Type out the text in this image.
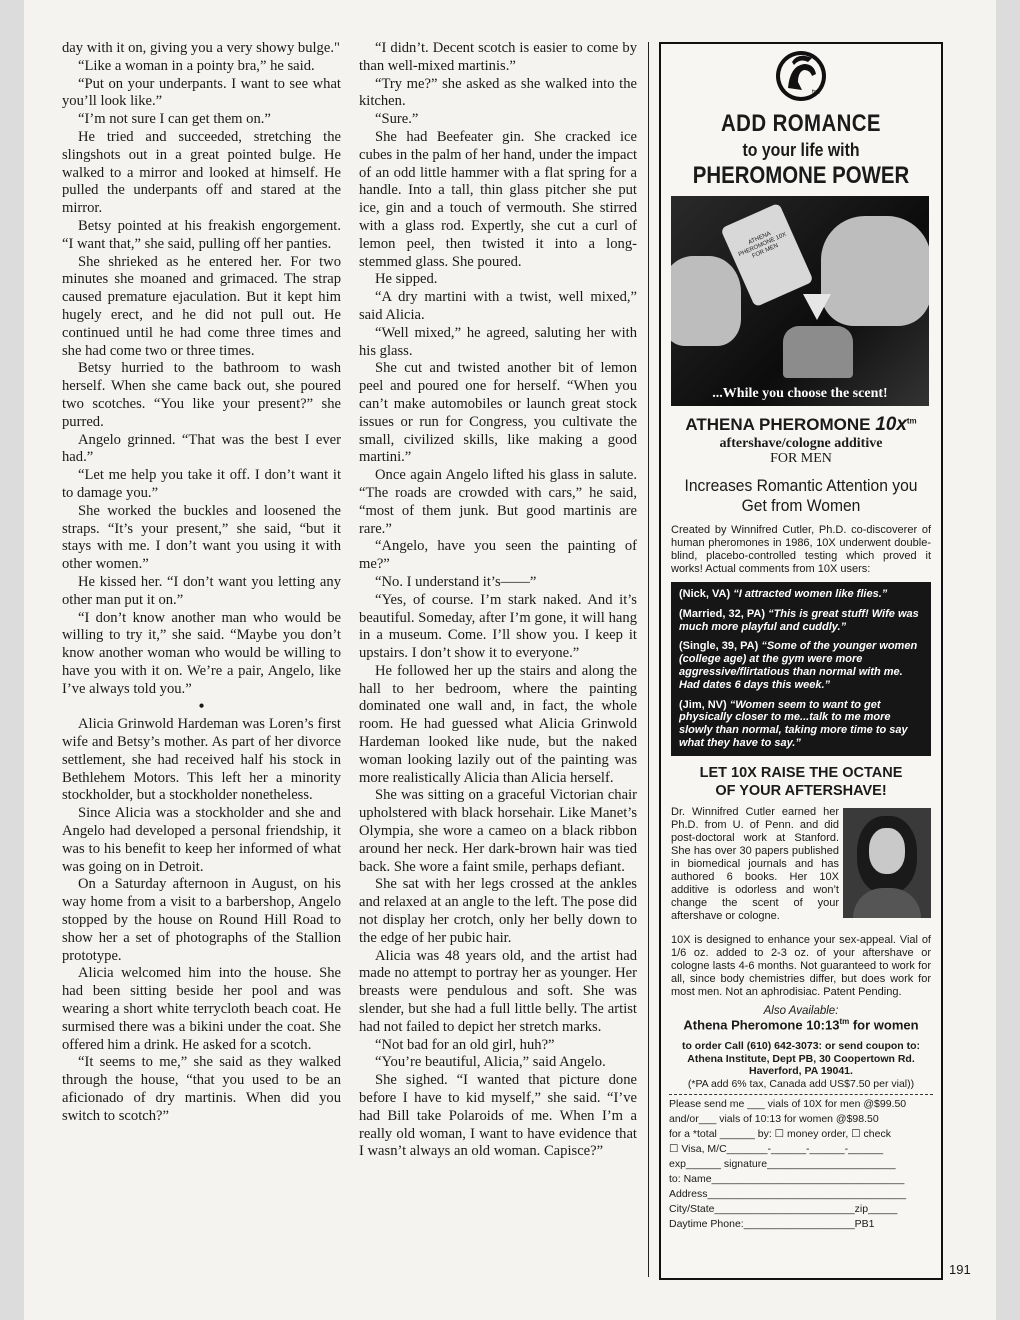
day with it on, giving you a very showy bulge."

“Like a woman in a pointy bra,” he said.

“Put on your underpants. I want to see what you’ll look like.”

“I’m not sure I can get them on.”

He tried and succeeded, stretching the slingshots out in a great pointed bulge. He walked to a mirror and looked at himself. He pulled the underpants off and stared at the mirror.

Betsy pointed at his freakish engorgement. “I want that,” she said, pulling off her panties.

She shrieked as he entered her. For two minutes she moaned and grimaced. The strap caused premature ejaculation. But it kept him hugely erect, and he did not pull out. He continued until he had come three times and she had come two or three times.

Betsy hurried to the bathroom to wash herself. When she came back out, she poured two scotches. “You like your present?” she purred.

Angelo grinned. “That was the best I ever had.”

“Let me help you take it off. I don’t want it to damage you.”

She worked the buckles and loosened the straps. “It’s your present,” she said, “but it stays with me. I don’t want you using it with other women.”

He kissed her. “I don’t want you letting any other man put it on.”

“I don’t know another man who would be willing to try it,” she said. “Maybe you don’t know another woman who would be willing to have you with it on. We’re a pair, Angelo, like I’ve always told you.”

•

Alicia Grinwold Hardeman was Loren’s first wife and Betsy’s mother. As part of her divorce settlement, she had received half his stock in Bethlehem Motors. This left her a minority stockholder, but a stockholder nonetheless.

Since Alicia was a stockholder and she and Angelo had developed a personal friendship, it was to his benefit to keep her informed of what was going on in Detroit.

On a Saturday afternoon in August, on his way home from a visit to a barbershop, Angelo stopped by the house on Round Hill Road to show her a set of photographs of the Stallion prototype.

Alicia welcomed him into the house. She had been sitting beside her pool and was wearing a short white terrycloth beach coat. He surmised there was a bikini under the coat. She offered him a drink. He asked for a scotch.

“It seems to me,” she said as they walked through the house, “that you used to be an aficionado of dry martinis. When did you switch to scotch?”

“I didn’t. Decent scotch is easier to come by than well-mixed martinis.”

“Try me?” she asked as she walked into the kitchen.

“Sure.”

She had Beefeater gin. She cracked ice cubes in the palm of her hand, under the impact of an odd little hammer with a flat spring for a handle. Into a tall, thin glass pitcher she put ice, gin and a touch of vermouth. She stirred with a glass rod. Expertly, she cut a curl of lemon peel, then twisted it into a long-stemmed glass. She poured.

He sipped.

“A dry martini with a twist, well mixed,” said Alicia.

“Well mixed,” he agreed, saluting her with his glass.

She cut and twisted another bit of lemon peel and poured one for herself. “When you can’t make automobiles or launch great stock issues or run for Congress, you cultivate the small, civilized skills, like making a good martini.”

Once again Angelo lifted his glass in salute. “The roads are crowded with cars,” he said, “most of them junk. But good martinis are rare.”

“Angelo, have you seen the painting of me?”

“No. I understand it’s——”

“Yes, of course. I’m stark naked. And it’s beautiful. Someday, after I’m gone, it will hang in a museum. Come. I’ll show you. I keep it upstairs. I don’t show it to everyone.”

He followed her up the stairs and along the hall to her bedroom, where the painting dominated one wall and, in fact, the whole room. He had guessed what Alicia Grinwold Hardeman looked like nude, but the naked woman looking lazily out of the painting was more realistically Alicia than Alicia herself.

She was sitting on a graceful Victorian chair upholstered with black horsehair. Like Manet’s Olympia, she wore a cameo on a black ribbon around her neck. Her dark-brown hair was tied back. She wore a faint smile, perhaps defiant.

She sat with her legs crossed at the ankles and relaxed at an angle to the left. The pose did not display her crotch, only her belly down to the edge of her pubic hair.

Alicia was 48 years old, and the artist had made no attempt to portray her as younger. Her breasts were pendulous and soft. She was slender, but she had a full little belly. The artist had not failed to depict her stretch marks.

“Not bad for an old girl, huh?”

“You’re beautiful, Alicia,” said Angelo.

She sighed. “I wanted that picture done before I have to kid myself,” she said. “I’ve had Bill take Polaroids of me. When I’m a really old woman, I want to have evidence that I wasn’t always an old woman. Capisce?”

tm
ADD ROMANCE
to your life with
PHEROMONE POWER
ATHENA PHEROMONE 10X FOR MEN
...While you choose the scent!
ATHENA PHEROMONE $10x^{tm}$
aftershave/cologne additive
FOR MEN
Increases Romantic Attention you Get from Women
Created by Winnifred Cutler, Ph.D. co-discoverer of human pheromones in 1986, 10X underwent double-blind, placebo-controlled testing which proved it works! Actual comments from 10X users:
(Nick, VA) “I attracted women like flies.”
(Married, 32, PA) “This is great stuff! Wife was much more playful and cuddly.”
(Single, 39, PA) “Some of the younger women (college age) at the gym were more aggressive/flirtatious than normal with me. Had dates 6 days this week.”
(Jim, NV) “Women seem to want to get physically closer to me...talk to me more slowly than normal, taking more time to say what they have to say.”
LET 10X RAISE THE OCTANE
OF YOUR AFTERSHAVE!
Dr. Winnifred Cutler earned her Ph.D. from U. of Penn. and did post-doctoral work at Stanford. She has over 30 papers published in biomedical journals and has authored 6 books. Her 10X additive is odorless and won’t change the scent of your aftershave or cologne.
10X is designed to enhance your sex-appeal. Vial of 1/6 oz. added to 2-3 oz. of your aftershave or cologne lasts 4-6 months. Not guaranteed to work for all, since body chemistries differ, but does work for most men. Not an aphrodisiac. Patent Pending.
Also Available:
Athena Pheromone $10:13^{tm}$ for women
to order Call (610) 642-3073: or send coupon to:
Athena Institute, Dept PB, 30 Coopertown Rd.
Haverford, PA 19041.
(*PA add 6% tax, Canada add US$7.50 per vial))
Please send me ___ vials of 10X for men @$99.50
and/or___ vials of 10:13 for women @$98.50
for a *total ______ by: ☐ money order, ☐ check
☐ Visa, M/C_______-______-______-______
exp______ signature______________________
to: Name_________________________________
Address__________________________________
City/State________________________zip_____
Daytime Phone:___________________PB1
191
